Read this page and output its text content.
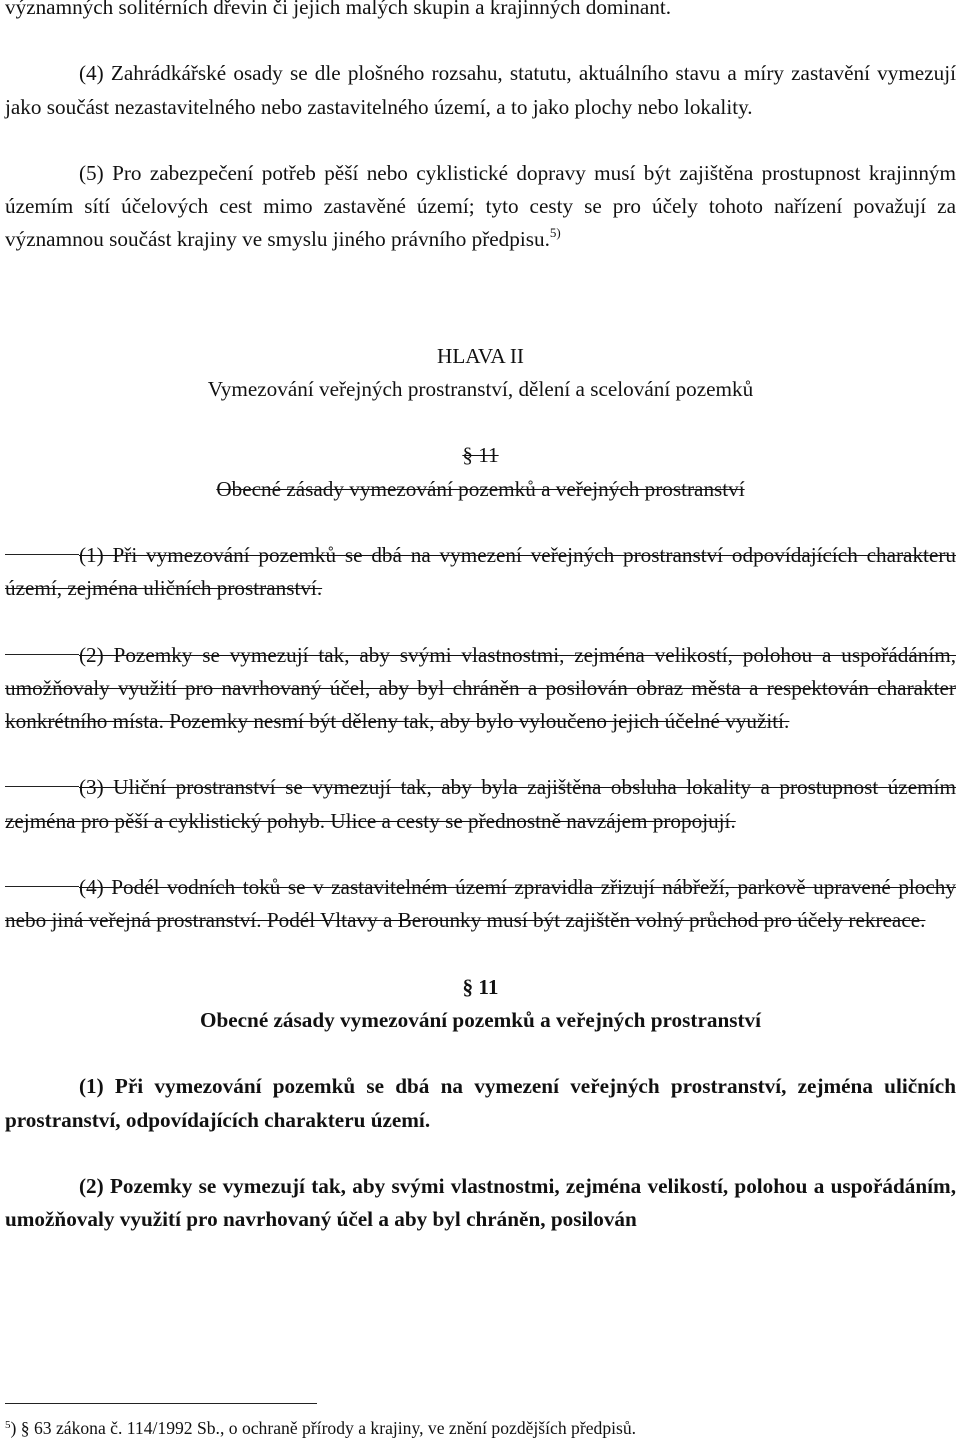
významných solitérních dřevin či jejich malých skupin a krajinných dominant.

(4) Zahrádkářské osady se dle plošného rozsahu, statutu, aktuálního stavu a míry zastavění vymezují jako součást nezastavitelného nebo zastavitelného území, a to jako plochy nebo lokality.

(5) Pro zabezpečení potřeb pěší nebo cyklistické dopravy musí být zajištěna prostupnost krajinným územím sítí účelových cest mimo zastavěné území; tyto cesty se pro účely tohoto nařízení považují za významnou součást krajiny ve smyslu jiného právního předpisu.$^{5)}$

HLAVA II

Vymezování veřejných prostranství, dělení a scelování pozemků

§ 11

Obecné zásady vymezování pozemků a veřejných prostranství

(1) Při vymezování pozemků se dbá na vymezení veřejných prostranství odpovídajících charakteru území, zejména uličních prostranství.

(2) Pozemky se vymezují tak, aby svými vlastnostmi, zejména velikostí, polohou a uspořádáním, umožňovaly využití pro navrhovaný účel, aby byl chráněn a posilován obraz města a respektován charakter konkrétního místa. Pozemky nesmí být děleny tak, aby bylo vyloučeno jejich účelné využití.

(3) Uliční prostranství se vymezují tak, aby byla zajištěna obsluha lokality a prostupnost územím zejména pro pěší a cyklistický pohyb. Ulice a cesty se přednostně navzájem propojují.

(4) Podél vodních toků se v zastavitelném území zpravidla zřizují nábřeží, parkově upravené plochy nebo jiná veřejná prostranství. Podél Vltavy a Berounky musí být zajištěn volný průchod pro účely rekreace.

§ 11

Obecné zásady vymezování pozemků a veřejných prostranství

(1) Při vymezování pozemků se dbá na vymezení veřejných prostranství, zejména uličních prostranství, odpovídajících charakteru území.

(2) Pozemky se vymezují tak, aby svými vlastnostmi, zejména velikostí, polohou a uspořádáním, umožňovaly využití pro navrhovaný účel a aby byl chráněn, posilován

$^5$) § 63 zákona č. 114/1992 Sb., o ochraně přírody a krajiny, ve znění pozdějších předpisů.
